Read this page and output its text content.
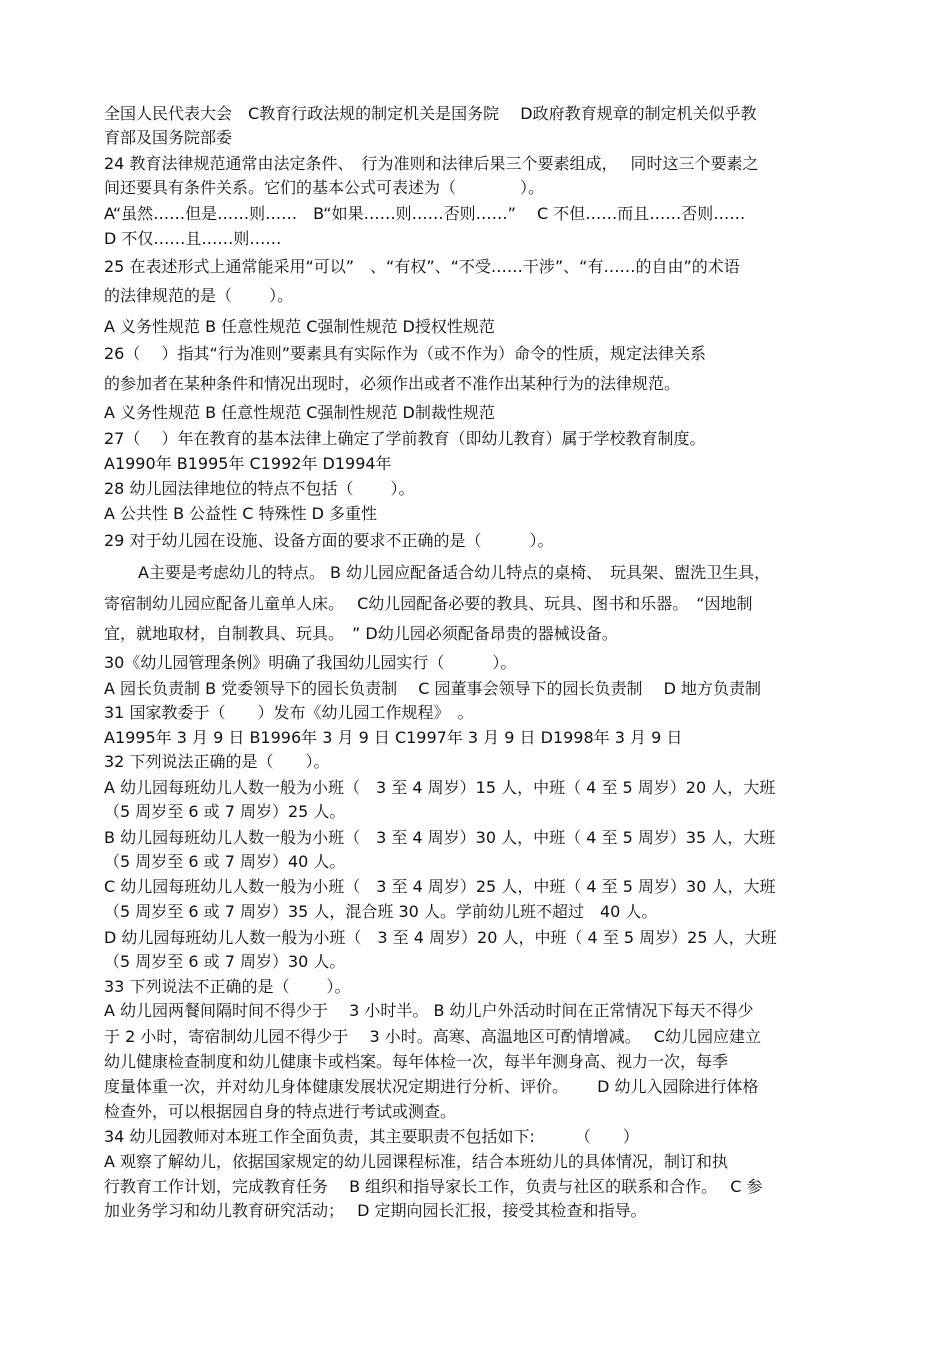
全国人民代表大会　C教育行政法规的制定机关是国务院　 D政府教育规章的制定机关似乎教
育部及国务院部委
24 教育法律规范通常由法定条件、　行为准则和法律后果三个要素组成，　 同时这三个要素之
间还要具有条件关系。它们的基本公式可表述为（　　　　）。
A“虽然……但是……则……　B“如果……则……否则……”　 C 不但……而且……否则……
D 不仅……且……则……
25 在表述形式上通常能采用“可以”　、“有权”、“不受……干涉”、“有……的自由”的术语
的法律规范的是（　　 ）。
A 义务性规范 B 任意性规范 C强制性规范 D授权性规范
26（　 ）指其“行为准则”要素具有实际作为（或不作为）命令的性质，规定法律关系
的参加者在某种条件和情况出现时，必须作出或者不准作出某种行为的法律规范。
A 义务性规范 B 任意性规范 C强制性规范 D制裁性规范
27（　 ）年在教育的基本法律上确定了学前教育（即幼儿教育）属于学校教育制度。
A1990年 B1995年 C1992年 D1994年
28 幼儿园法律地位的特点不包括（　　 ）。
A 公共性 B 公益性 C 特殊性 D 多重性
29 对于幼儿园在设施、设备方面的要求不正确的是（　　　）。
A主要是考虑幼儿的特点。 B 幼儿园应配备适合幼儿特点的桌椅、　玩具架、盥洗卫生具，
寄宿制幼儿园应配备儿童单人床。　 C幼儿园配备必要的教具、玩具、图书和乐器。　“因地制
宜，就地取材，自制教具、玩具。　” D幼儿园必须配备昂贵的器械设备。
30《幼儿园管理条例》明确了我国幼儿园实行（　　　）。
A 园长负责制 B 党委领导下的园长负责制　 C 园董事会领导下的园长负责制　 D 地方负责制
31 国家教委于（　　）发布《幼儿园工作规程》　。
A1995年 3 月 9 日 B1996年 3 月 9 日 C1997年 3 月 9 日 D1998年 3 月 9 日
32 下列说法正确的是（　　）。
A 幼儿园每班幼儿人数一般为小班（　3 至 4 周岁）15 人，中班（ 4 至 5 周岁）20 人，大班
（5 周岁至 6 或 7 周岁）25 人。
B 幼儿园每班幼儿人数一般为小班（　3 至 4 周岁）30 人，中班（ 4 至 5 周岁）35 人，大班
（5 周岁至 6 或 7 周岁）40 人。
C 幼儿园每班幼儿人数一般为小班（　3 至 4 周岁）25 人，中班（ 4 至 5 周岁）30 人，大班
（5 周岁至 6 或 7 周岁）35 人，混合班 30 人。学前幼儿班不超过　40 人。
D 幼儿园每班幼儿人数一般为小班（　3 至 4 周岁）20 人，中班（ 4 至 5 周岁）25 人，大班
（5 周岁至 6 或 7 周岁）30 人。
33 下列说法不正确的是（　　 ）。
A 幼儿园两餐间隔时间不得少于　 3 小时半。 B 幼儿户外活动时间在正常情况下每天不得少
于 2 小时，寄宿制幼儿园不得少于　 3 小时。高寒、高温地区可酌情增减。　 C幼儿园应建立
幼儿健康检查制度和幼儿健康卡或档案。每年体检一次，每半年测身高、视力一次，每季
度量体重一次，并对幼儿身体健康发展状况定期进行分析、评价。　　 D 幼儿入园除进行体格
检查外，可以根据园自身的特点进行考试或测查。
34 幼儿园教师对本班工作全面负责，其主要职责不包括如下:　　　（　　）
A 观察了解幼儿，依据国家规定的幼儿园课程标准，结合本班幼儿的具体情况，制订和执
行教育工作计划，完成教育任务　 B 组织和指导家长工作，负责与社区的联系和合作。　 C 参
加业务学习和幼儿教育研究活动；　 D 定期向园长汇报，接受其检查和指导。
